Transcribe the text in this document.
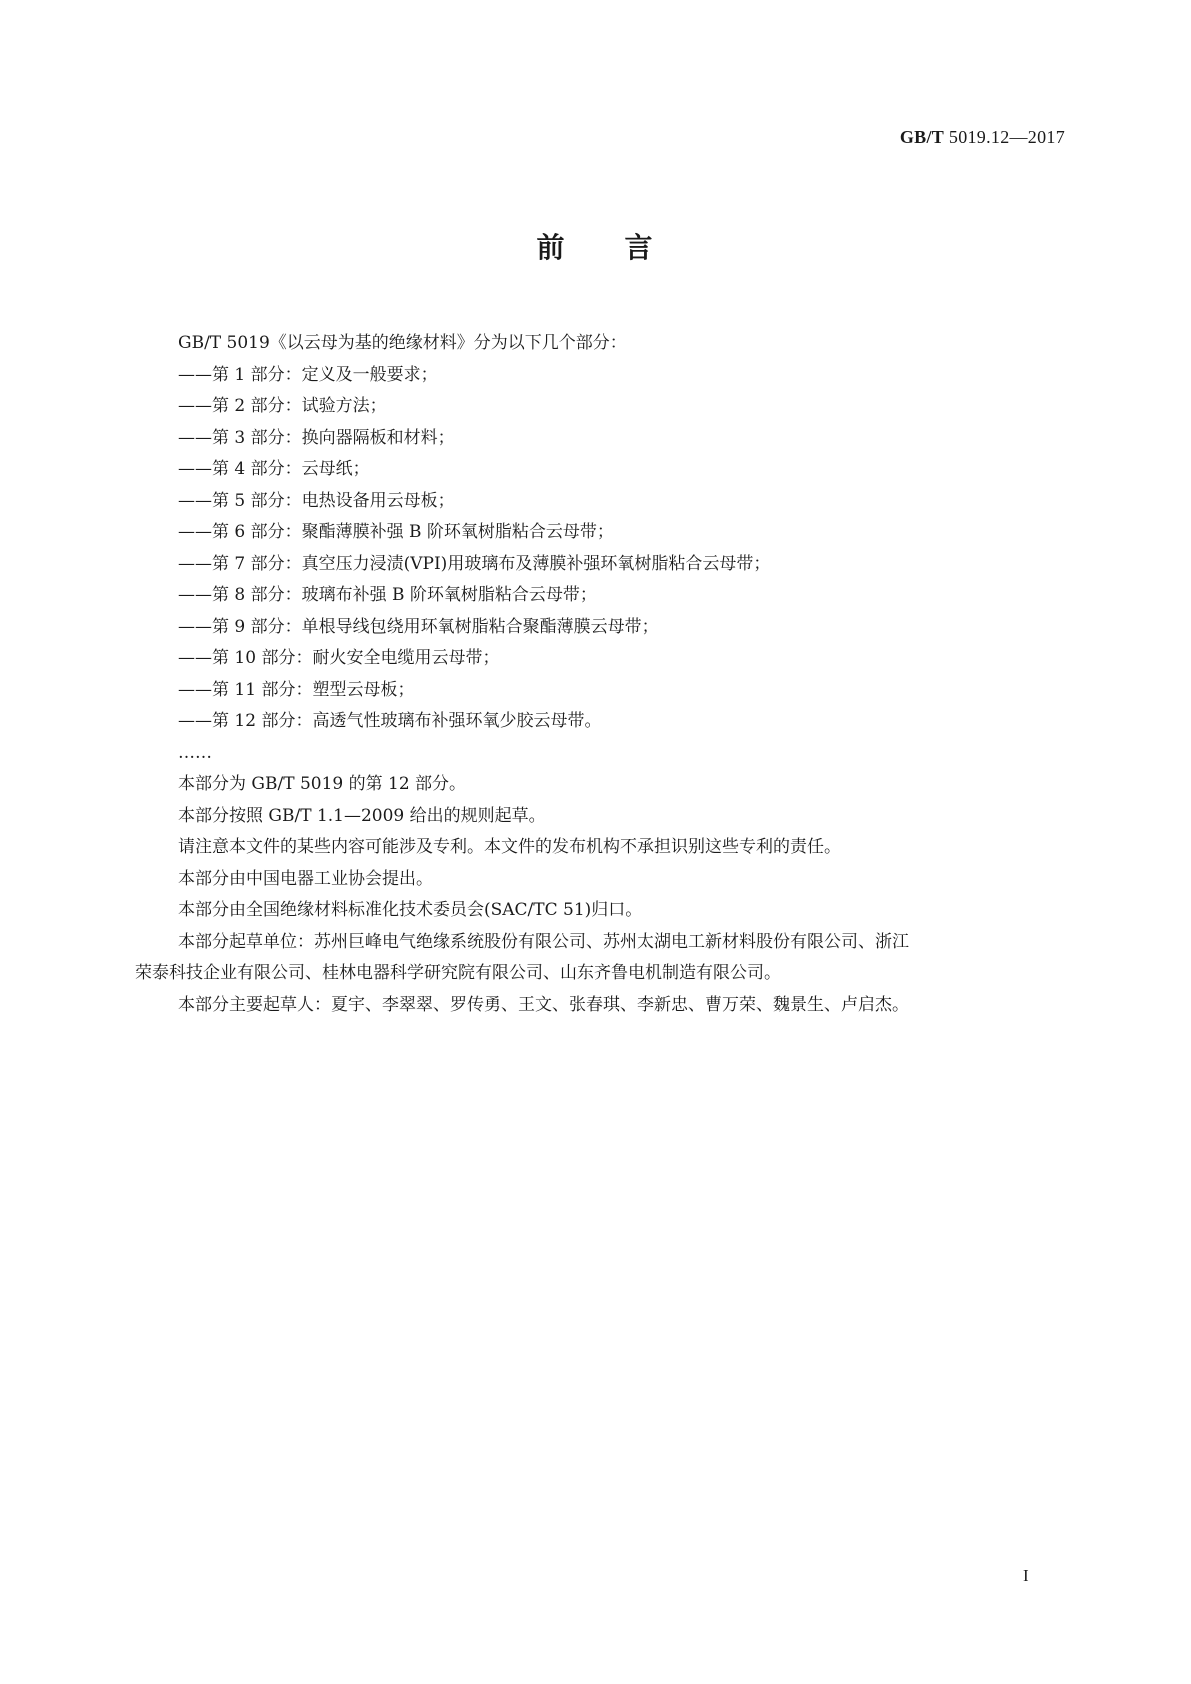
GB/T 5019.12—2017
前 言
GB/T 5019《以云母为基的绝缘材料》分为以下几个部分：
——第 1 部分：定义及一般要求；
——第 2 部分：试验方法；
——第 3 部分：换向器隔板和材料；
——第 4 部分：云母纸；
——第 5 部分：电热设备用云母板；
——第 6 部分：聚酯薄膜补强 B 阶环氧树脂粘合云母带；
——第 7 部分：真空压力浸渍(VPI)用玻璃布及薄膜补强环氧树脂粘合云母带；
——第 8 部分：玻璃布补强 B 阶环氧树脂粘合云母带；
——第 9 部分：单根导线包绕用环氧树脂粘合聚酯薄膜云母带；
——第 10 部分：耐火安全电缆用云母带；
——第 11 部分：塑型云母板；
——第 12 部分：高透气性玻璃布补强环氧少胶云母带。
……
本部分为 GB/T 5019 的第 12 部分。
本部分按照 GB/T 1.1—2009 给出的规则起草。
请注意本文件的某些内容可能涉及专利。本文件的发布机构不承担识别这些专利的责任。
本部分由中国电器工业协会提出。
本部分由全国绝缘材料标准化技术委员会(SAC/TC 51)归口。
本部分起草单位：苏州巨峰电气绝缘系统股份有限公司、苏州太湖电工新材料股份有限公司、浙江
荣泰科技企业有限公司、桂林电器科学研究院有限公司、山东齐鲁电机制造有限公司。
本部分主要起草人：夏宇、李翠翠、罗传勇、王文、张春琪、李新忠、曹万荣、魏景生、卢启杰。
I
